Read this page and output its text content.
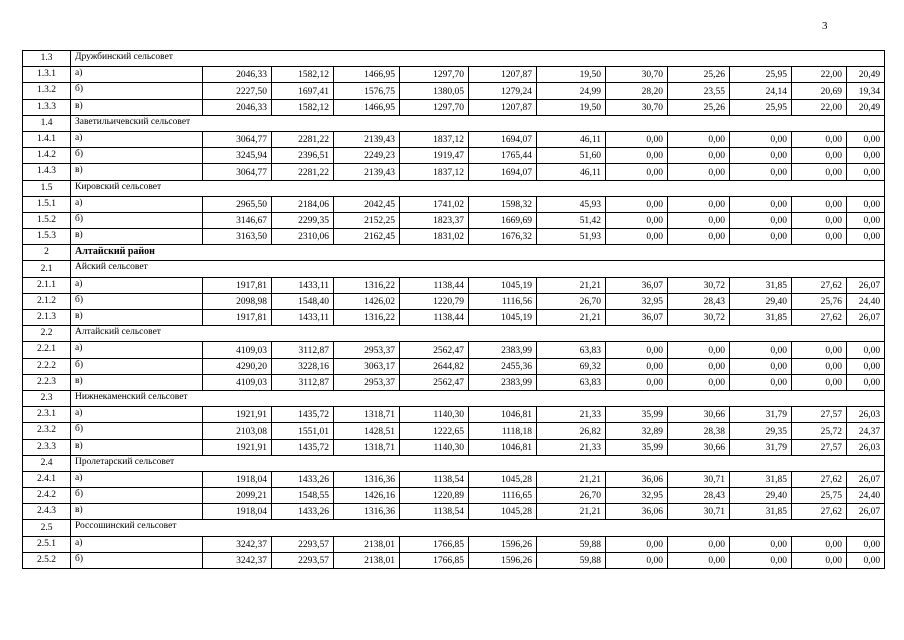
3
1.3	Дружбинский сельсовет											
1.3.1	а)	2046,33	1582,12	1466,95	1297,70	1207,87	19,50	30,70	25,26	25,95	22,00	20,49
1.3.2	б)	2227,50	1697,41	1576,75	1380,05	1279,24	24,99	28,20	23,55	24,14	20,69	19,34
1.3.3	в)	2046,33	1582,12	1466,95	1297,70	1207,87	19,50	30,70	25,26	25,95	22,00	20,49
1.4	Заветильичевский сельсовет											
1.4.1	а)	3064,77	2281,22	2139,43	1837,12	1694,07	46,11	0,00	0,00	0,00	0,00	0,00
1.4.2	б)	3245,94	2396,51	2249,23	1919,47	1765,44	51,60	0,00	0,00	0,00	0,00	0,00
1.4.3	в)	3064,77	2281,22	2139,43	1837,12	1694,07	46,11	0,00	0,00	0,00	0,00	0,00
1.5	Кировский сельсовет											
1.5.1	а)	2965,50	2184,06	2042,45	1741,02	1598,32	45,93	0,00	0,00	0,00	0,00	0,00
1.5.2	б)	3146,67	2299,35	2152,25	1823,37	1669,69	51,42	0,00	0,00	0,00	0,00	0,00
1.5.3	в)	3163,50	2310,06	2162,45	1831,02	1676,32	51,93	0,00	0,00	0,00	0,00	0,00
2	Алтайский район											
2.1	Айский сельсовет											
2.1.1	а)	1917,81	1433,11	1316,22	1138,44	1045,19	21,21	36,07	30,72	31,85	27,62	26,07
2.1.2	б)	2098,98	1548,40	1426,02	1220,79	1116,56	26,70	32,95	28,43	29,40	25,76	24,40
2.1.3	в)	1917,81	1433,11	1316,22	1138,44	1045,19	21,21	36,07	30,72	31,85	27,62	26,07
2.2	Алтайский сельсовет											
2.2.1	а)	4109,03	3112,87	2953,37	2562,47	2383,99	63,83	0,00	0,00	0,00	0,00	0,00
2.2.2	б)	4290,20	3228,16	3063,17	2644,82	2455,36	69,32	0,00	0,00	0,00	0,00	0,00
2.2.3	в)	4109,03	3112,87	2953,37	2562,47	2383,99	63,83	0,00	0,00	0,00	0,00	0,00
2.3	Нижнекаменский сельсовет											
2.3.1	а)	1921,91	1435,72	1318,71	1140,30	1046,81	21,33	35,99	30,66	31,79	27,57	26,03
2.3.2	б)	2103,08	1551,01	1428,51	1222,65	1118,18	26,82	32,89	28,38	29,35	25,72	24,37
2.3.3	в)	1921,91	1435,72	1318,71	1140,30	1046,81	21,33	35,99	30,66	31,79	27,57	26,03
2.4	Пролетарский сельсовет											
2.4.1	а)	1918,04	1433,26	1316,36	1138,54	1045,28	21,21	36,06	30,71	31,85	27,62	26,07
2.4.2	б)	2099,21	1548,55	1426,16	1220,89	1116,65	26,70	32,95	28,43	29,40	25,75	24,40
2.4.3	в)	1918,04	1433,26	1316,36	1138,54	1045,28	21,21	36,06	30,71	31,85	27,62	26,07
2.5	Россошинский сельсовет											
2.5.1	а)	3242,37	2293,57	2138,01	1766,85	1596,26	59,88	0,00	0,00	0,00	0,00	0,00
2.5.2	б)	3242,37	2293,57	2138,01	1766,85	1596,26	59,88	0,00	0,00	0,00	0,00	0,00
